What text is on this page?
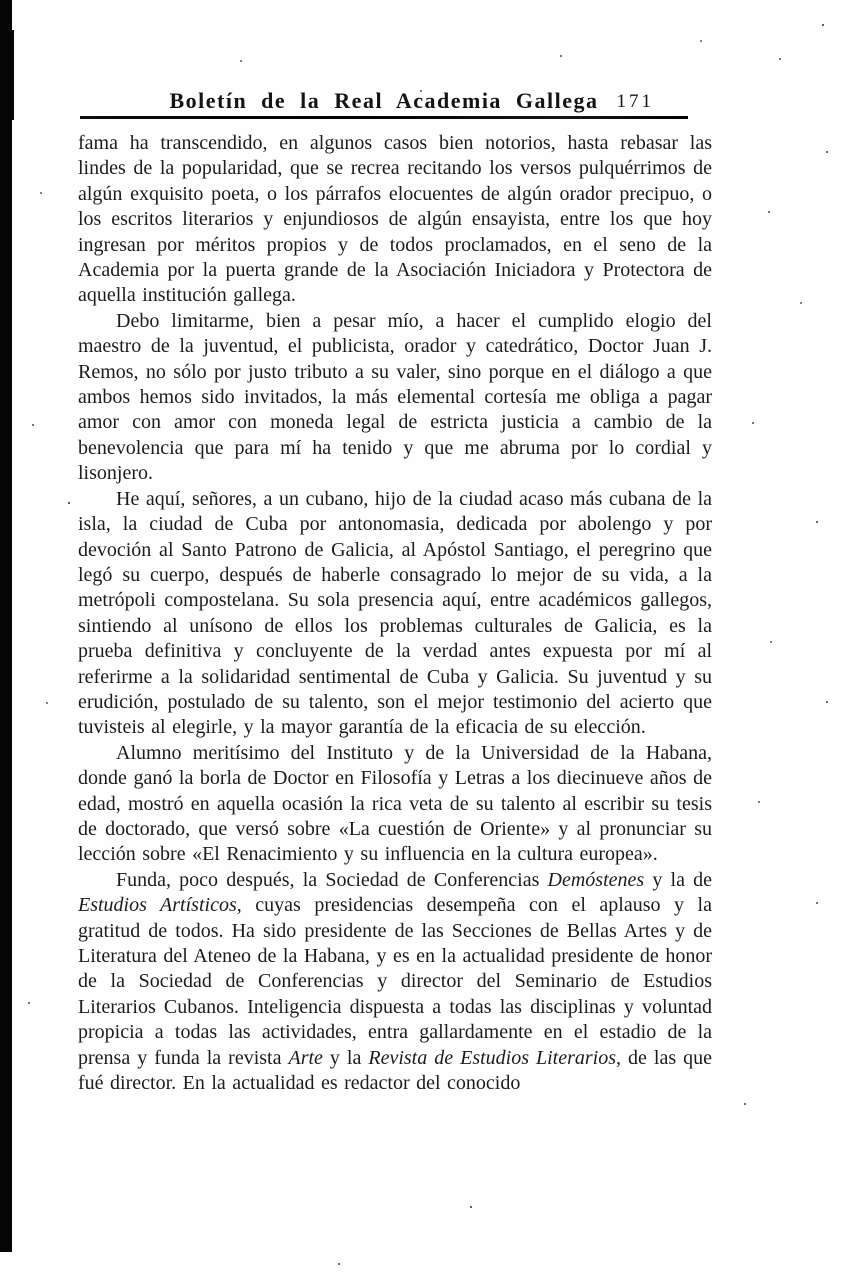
Boletín de la Real Academia Gallega 171

fama ha transcendido, en algunos casos bien notorios, hasta rebasar las lindes de la popularidad, que se recrea recitando los versos pulquérrimos de algún exquisito poeta, o los párrafos elocuentes de algún orador precipuo, o los escritos literarios y enjundiosos de algún ensayista, entre los que hoy ingresan por méritos propios y de todos proclamados, en el seno de la Academia por la puerta grande de la Asociación Iniciadora y Protectora de aquella institución gallega.

Debo limitarme, bien a pesar mío, a hacer el cumplido elogio del maestro de la juventud, el publicista, orador y catedrático, Doctor Juan J. Remos, no sólo por justo tributo a su valer, sino porque en el diálogo a que ambos hemos sido invitados, la más elemental cortesía me obliga a pagar amor con amor con moneda legal de estricta justicia a cambio de la benevolencia que para mí ha tenido y que me abruma por lo cordial y lisonjero.

He aquí, señores, a un cubano, hijo de la ciudad acaso más cubana de la isla, la ciudad de Cuba por antonomasia, dedicada por abolengo y por devoción al Santo Patrono de Galicia, al Apóstol Santiago, el peregrino que legó su cuerpo, después de haberle consagrado lo mejor de su vida, a la metrópoli compostelana. Su sola presencia aquí, entre académicos gallegos, sintiendo al unísono de ellos los problemas culturales de Galicia, es la prueba definitiva y concluyente de la verdad antes expuesta por mí al referirme a la solidaridad sentimental de Cuba y Galicia. Su juventud y su erudición, postulado de su talento, son el mejor testimonio del acierto que tuvisteis al elegirle, y la mayor garantía de la eficacia de su elección.

Alumno meritísimo del Instituto y de la Universidad de la Habana, donde ganó la borla de Doctor en Filosofía y Letras a los diecinueve años de edad, mostró en aquella ocasión la rica veta de su talento al escribir su tesis de doctorado, que versó sobre «La cuestión de Oriente» y al pronunciar su lección sobre «El Renacimiento y su influencia en la cultura europea».

Funda, poco después, la Sociedad de Conferencias Demóstenes y la de Estudios Artísticos, cuyas presidencias desempeña con el aplauso y la gratitud de todos. Ha sido presidente de las Secciones de Bellas Artes y de Literatura del Ateneo de la Habana, y es en la actualidad presidente de honor de la Sociedad de Conferencias y director del Seminario de Estudios Literarios Cubanos. Inteligencia dispuesta a todas las disciplinas y voluntad propicia a todas las actividades, entra gallardamente en el estadio de la prensa y funda la revista Arte y la Revista de Estudios Literarios, de las que fué director. En la actualidad es redactor del conocido
